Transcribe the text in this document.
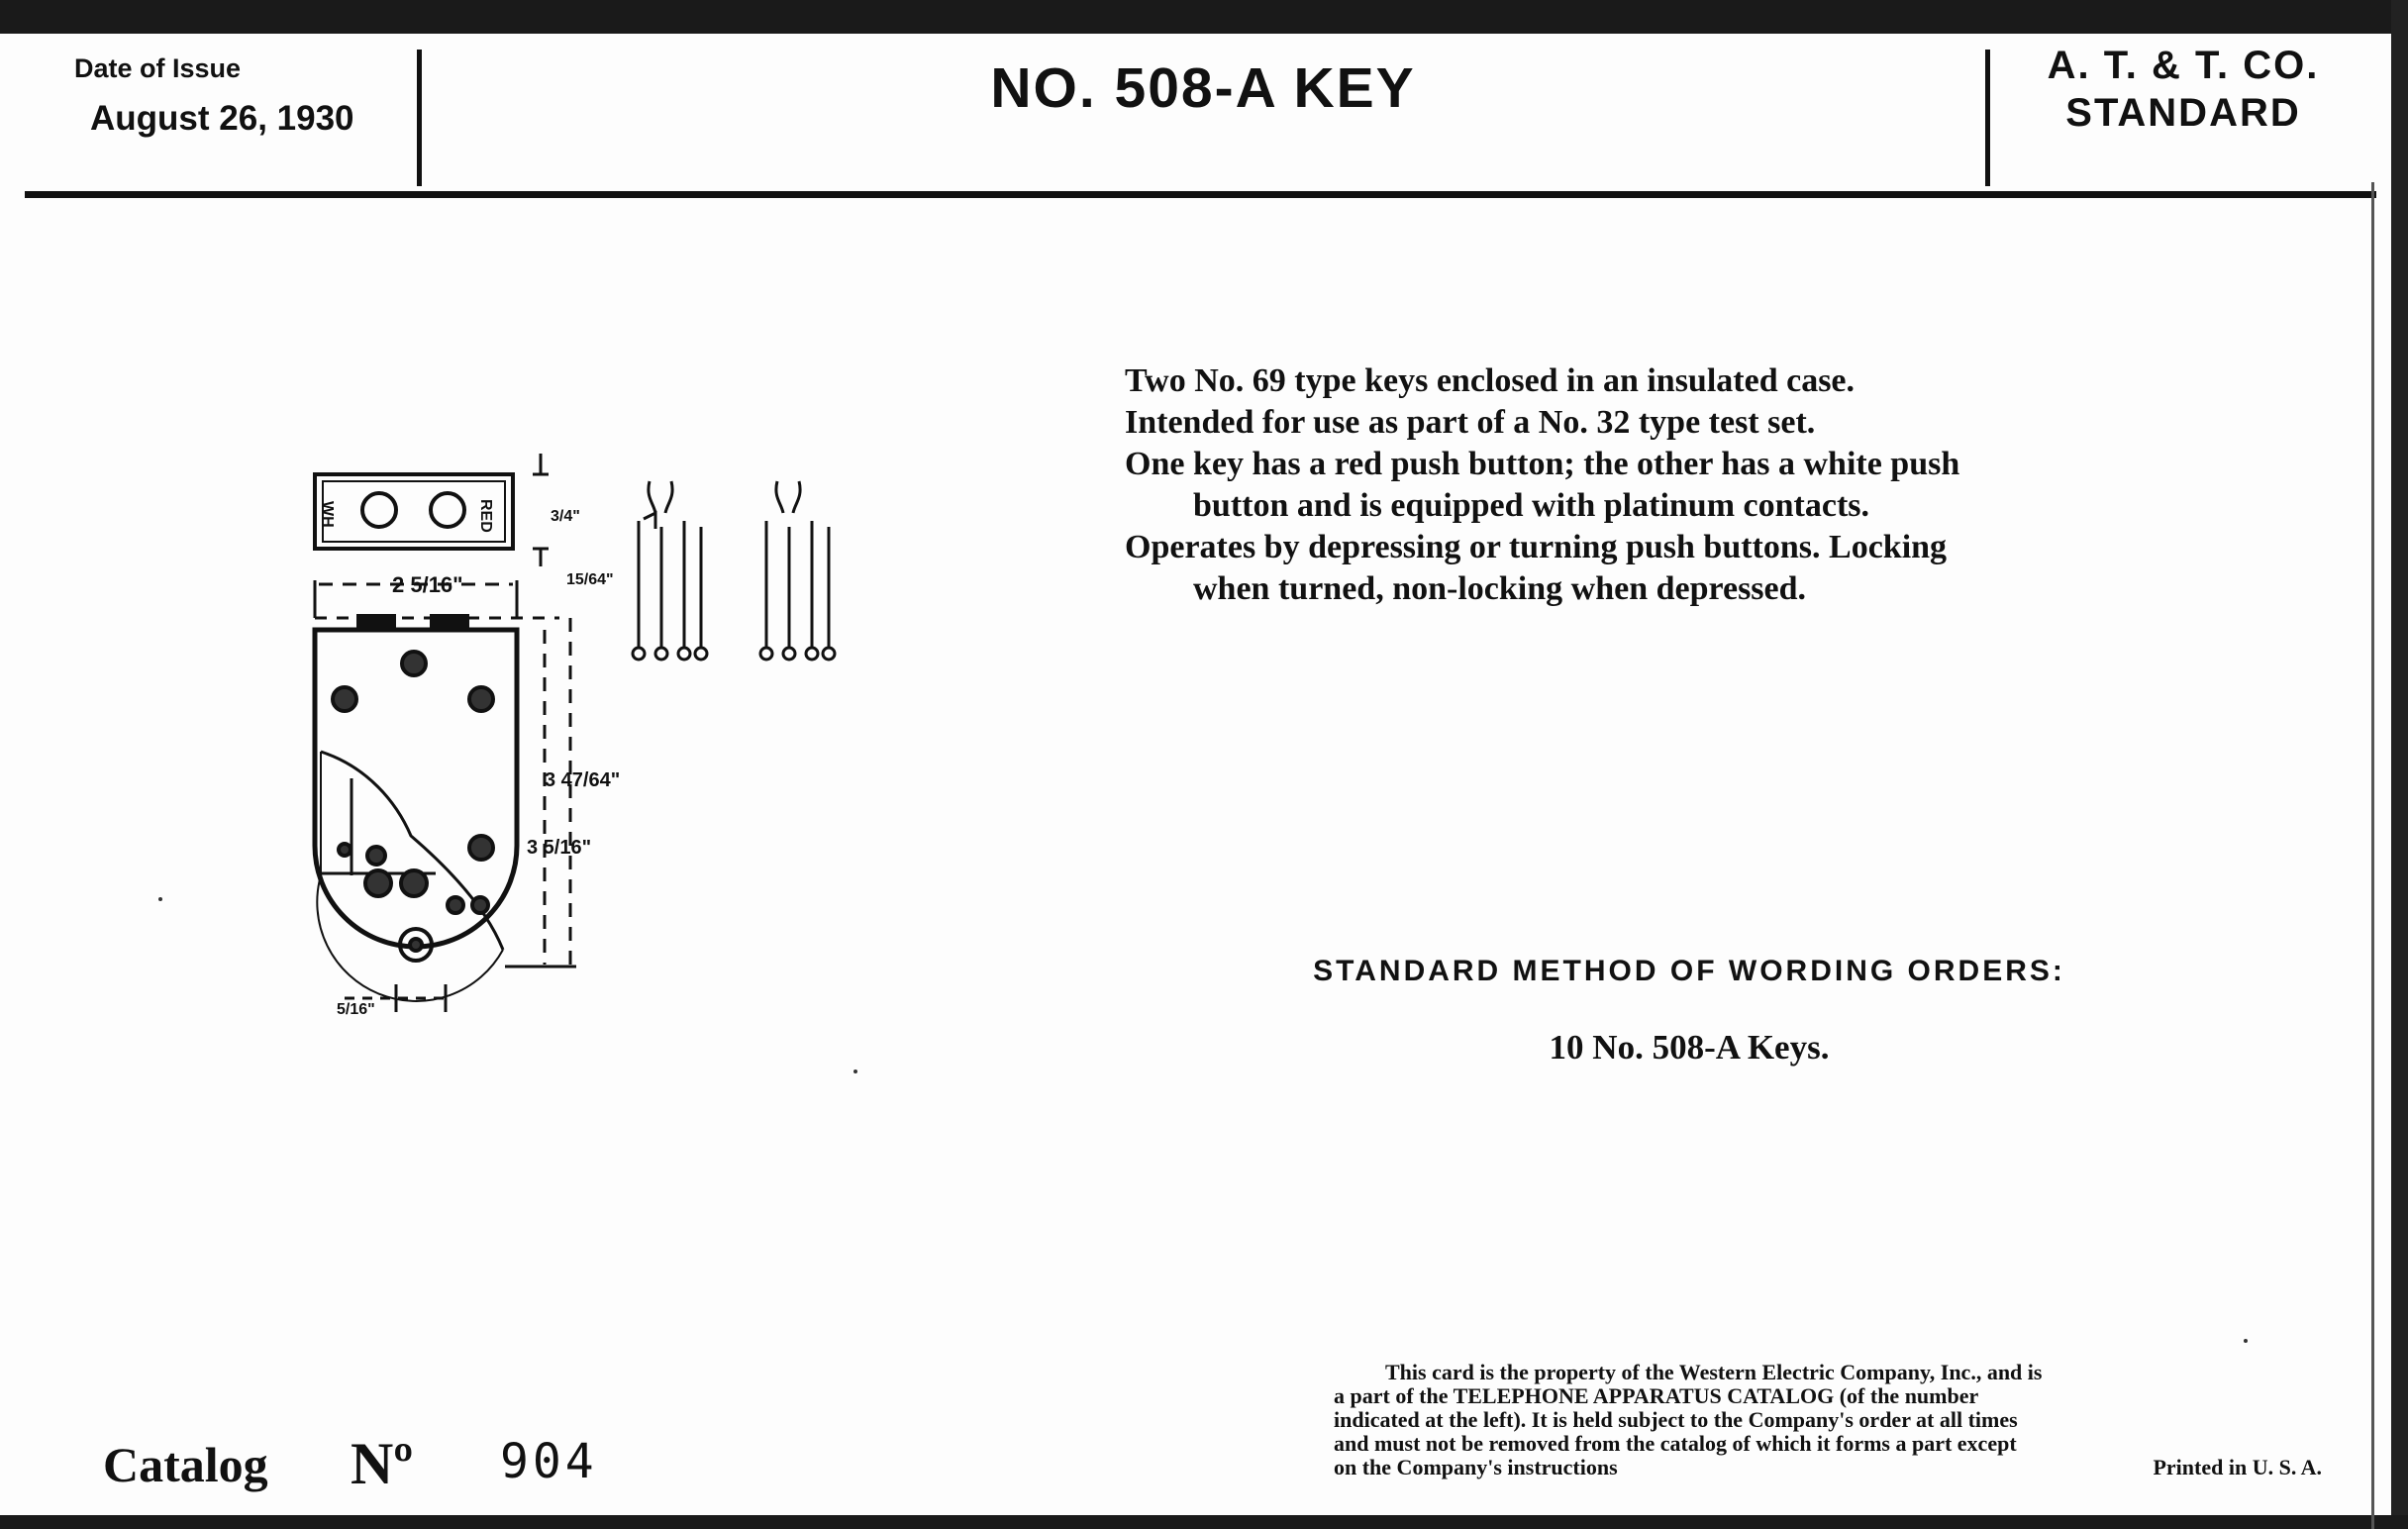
Date of Issue
August 26, 1930	NO. 508-A KEY	A. T. & T. CO.
STANDARD
WH	RED
2 5/16"
3/4"
15/64"
3 47/64"
3 5/16"
5/16"

Two No. 69 type keys enclosed in an insulated case.

Intended for use as part of a No. 32 type test set.

One key has a red push button; the other has a white push

button and is equipped with platinum contacts.

Operates by depressing or turning push buttons. Locking

when turned, non-locking when depressed.

STANDARD METHOD OF WORDING ORDERS:
10 No. 508-A Keys.

This card is the property of the Western Electric Company, Inc., and is

a part of the TELEPHONE APPARATUS CATALOG (of the number

indicated at the left). It is held subject to the Company's order at all times

and must not be removed from the catalog of which it forms a part except

on the Company's instructions	Printed in U. S. A.

Catalog Nº 904
